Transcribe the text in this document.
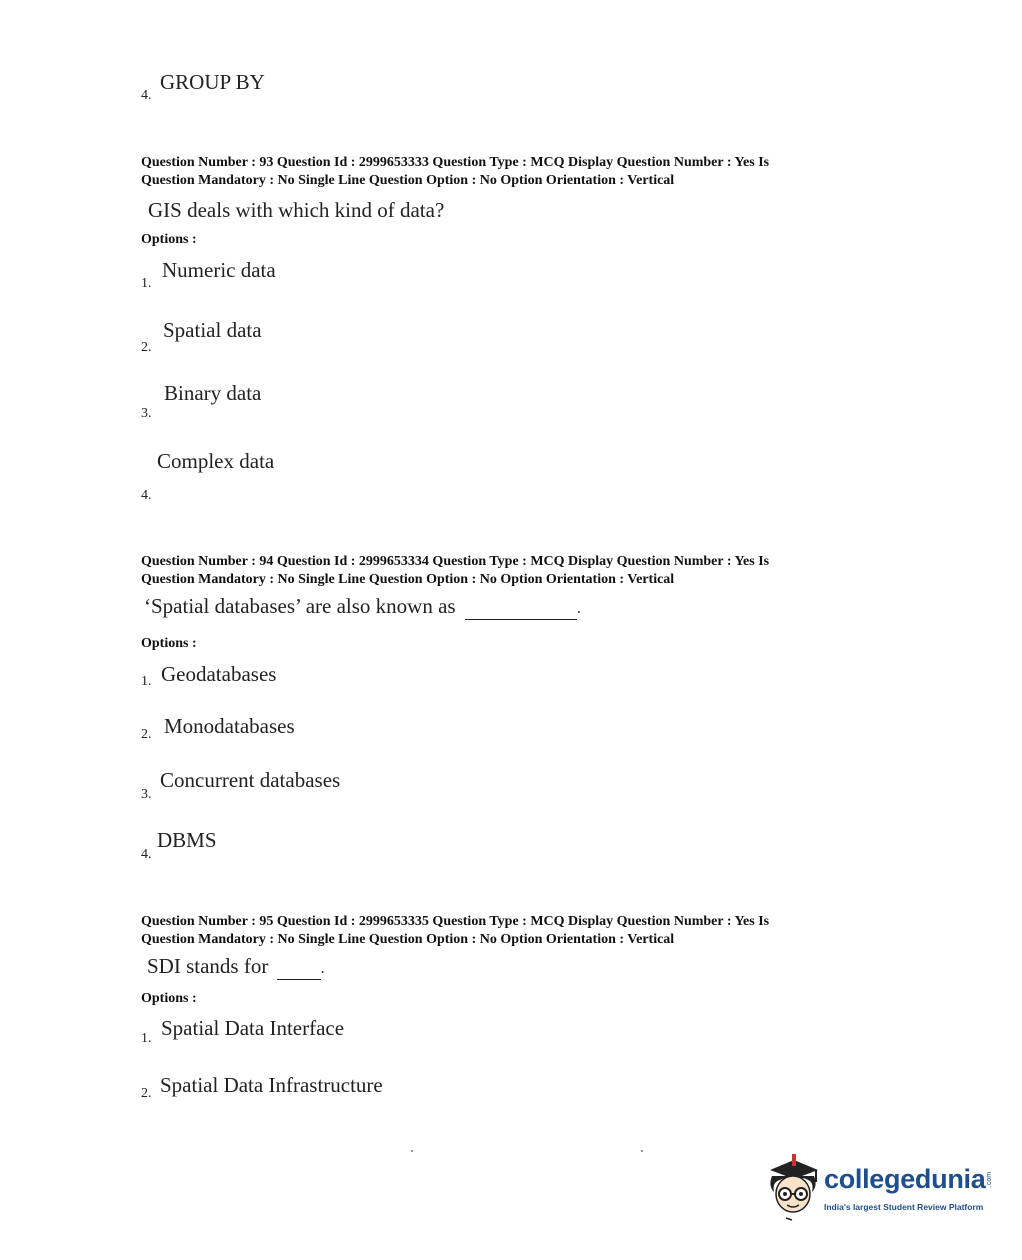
GROUP BY
4.
Question Number : 93 Question Id : 2999653333 Question Type : MCQ Display Question Number : Yes Is
Question Mandatory : No Single Line Question Option : No Option Orientation : Vertical
GIS deals with which kind of data?
Options :
Numeric data
1.
Spatial data
2.
Binary data
3.
Complex data
4.
Question Number : 94 Question Id : 2999653334 Question Type : MCQ Display Question Number : Yes Is
Question Mandatory : No Single Line Question Option : No Option Orientation : Vertical
‘Spatial databases’ are also known as	.
Options :
Geodatabases
1.
Monodatabases
2.
Concurrent databases
3.
DBMS
4.
Question Number : 95 Question Id : 2999653335 Question Type : MCQ Display Question Number : Yes Is
Question Mandatory : No Single Line Question Option : No Option Orientation : Vertical
SDI stands for	.
Options :
Spatial Data Interface
1.
Spatial Data Infrastructure
2.
collegedunia .com
India's largest Student Review Platform
